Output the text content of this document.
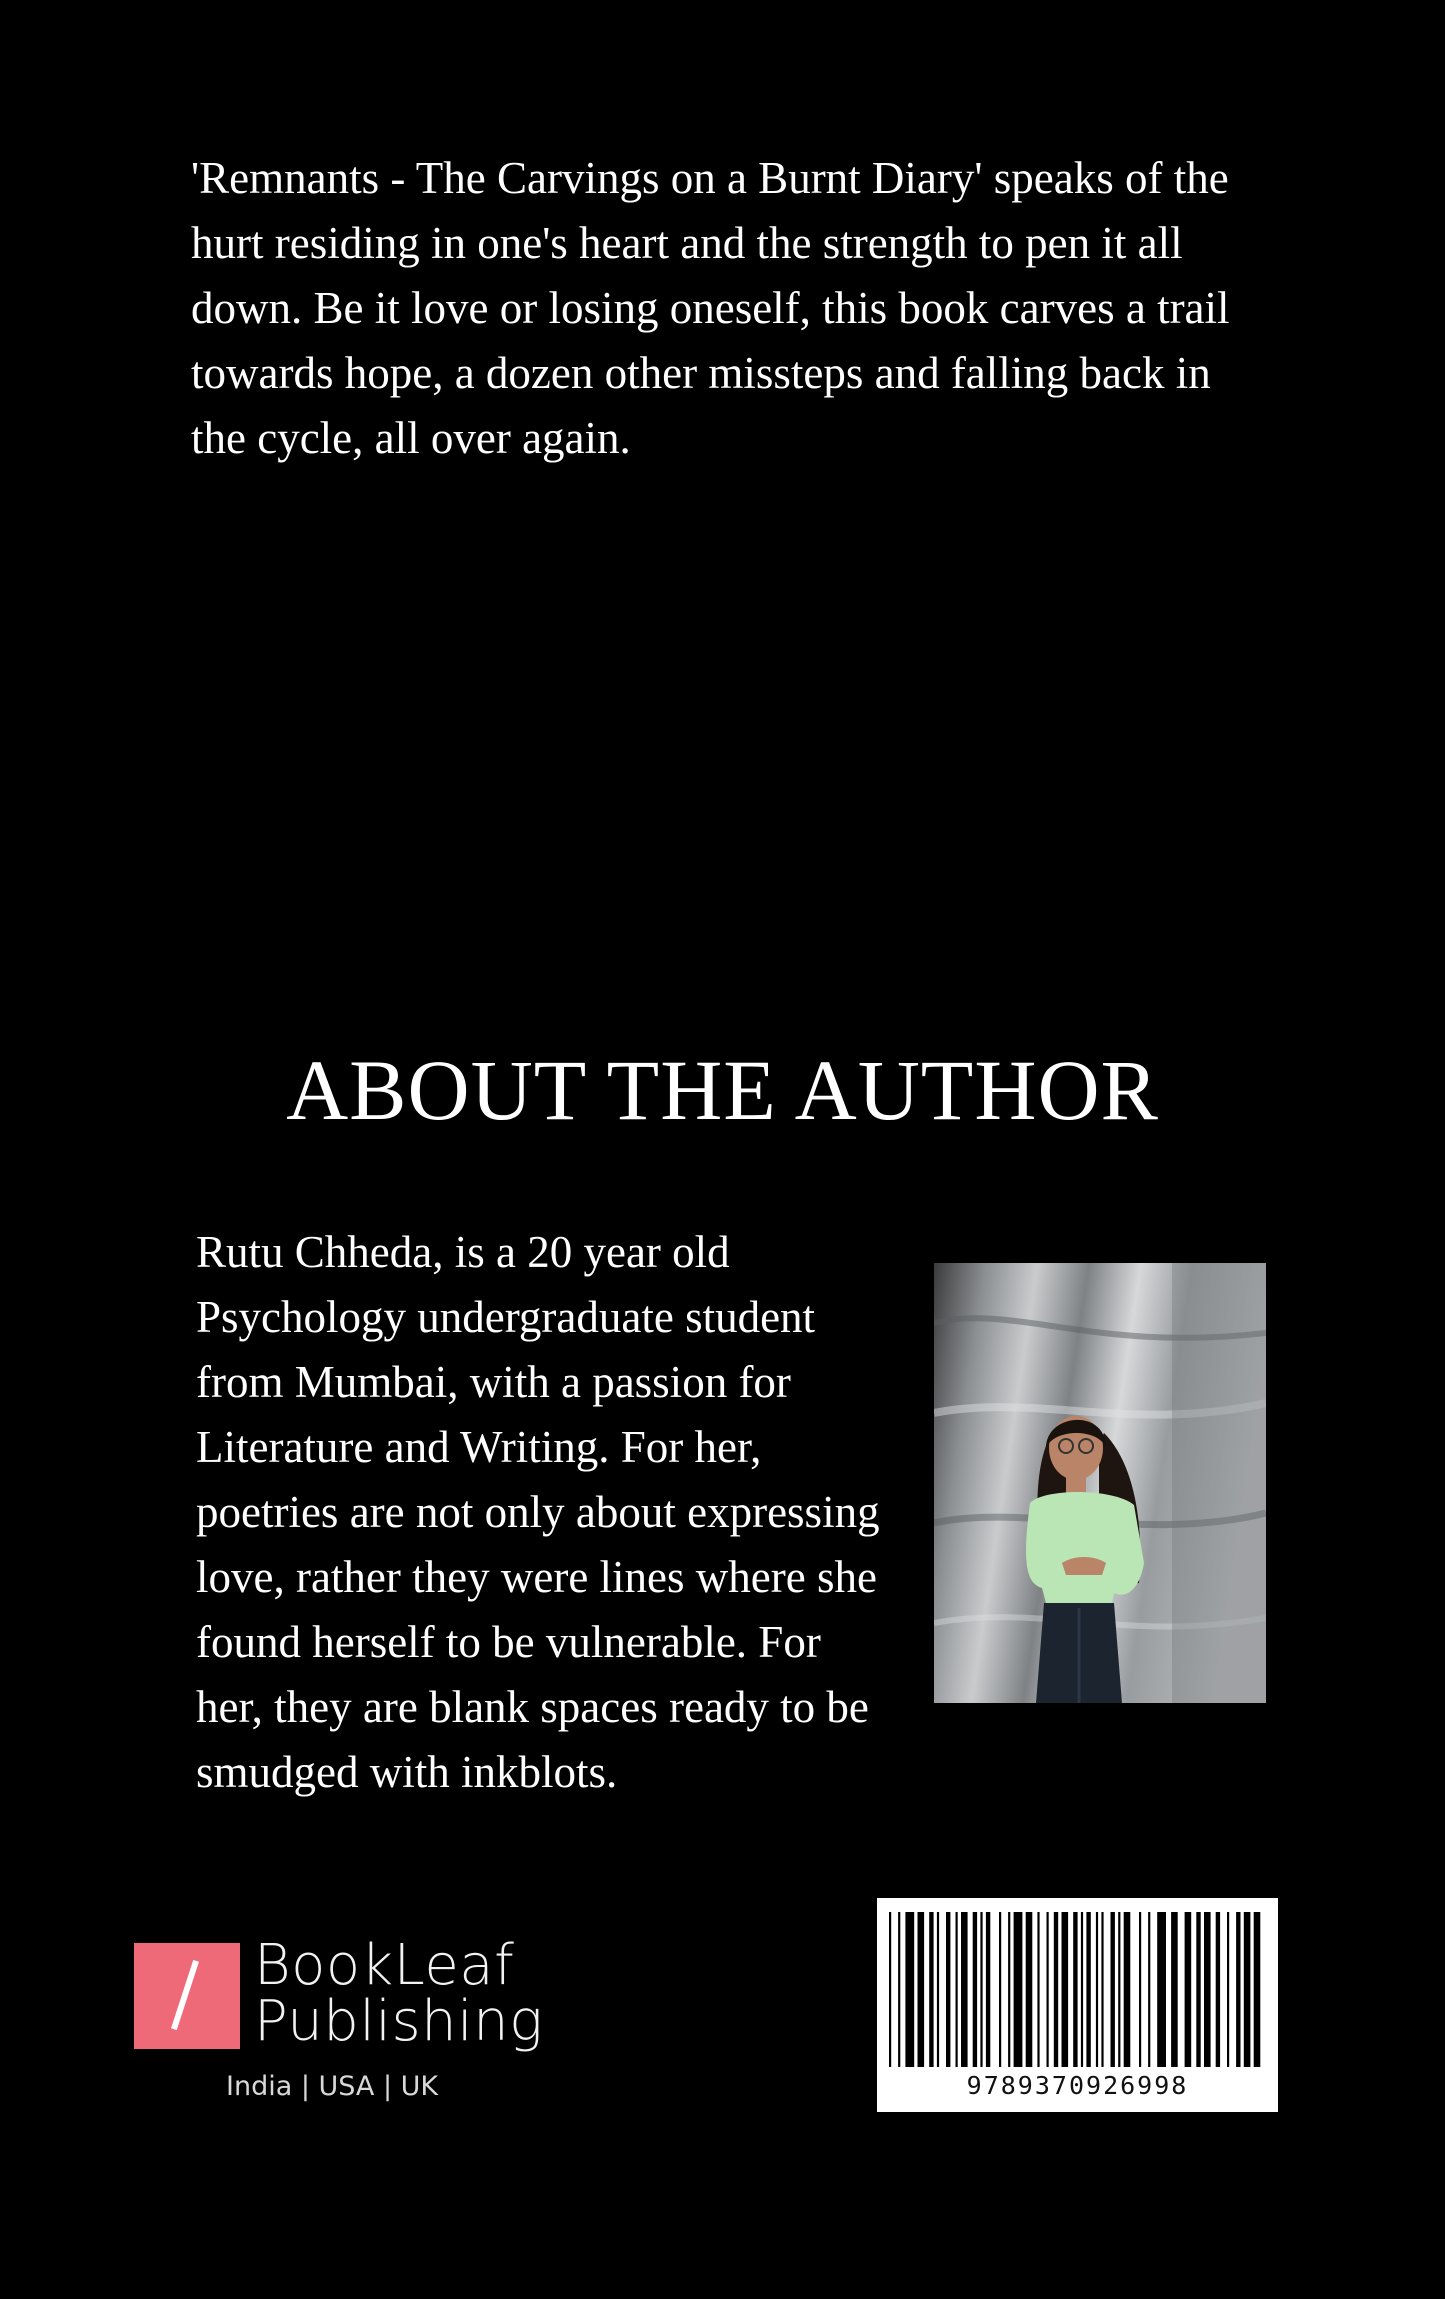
'Remnants - The Carvings on a Burnt Diary' speaks of the hurt residing in one's heart and the strength to pen it all down. Be it love or losing oneself, this book carves a trail towards hope, a dozen other missteps and falling back in the cycle, all over again.

ABOUT THE AUTHOR

Rutu Chheda, is a 20 year old Psychology undergraduate student from Mumbai, with a passion for Literature and Writing. For her, poetries are not only about expressing love, rather they were lines where she found herself to be vulnerable. For her, they are blank spaces ready to be smudged with inkblots.

BookLeaf
Publishing
India | USA | UK	9789370926998
